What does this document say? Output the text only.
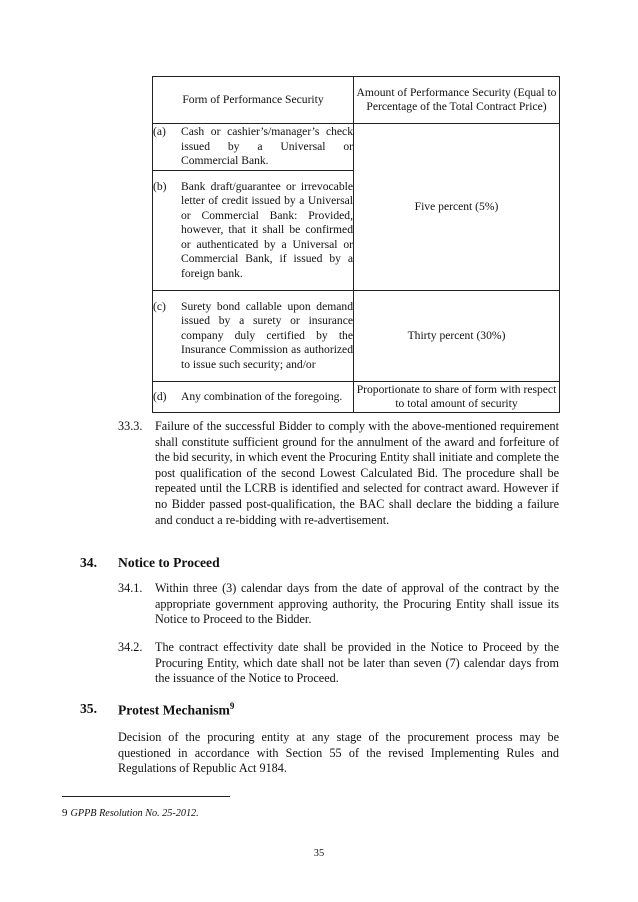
Form of Performance Security	Amount of Performance Security (Equal to Percentage of the Total Contract Price)

(a) Cash or cashier’s/manager’s check issued by a Universal or Commercial Bank.	Five percent (5%)

(b) Bank draft/guarantee or irrevocable letter of credit issued by a Universal or Commercial Bank: Provided, however, that it shall be confirmed or authenticated by a Universal or Commercial Bank, if issued by a foreign bank.	

(c) Surety bond callable upon demand issued by a surety or insurance company duly certified by the Insurance Commission as authorized to issue such security; and/or	Thirty percent (30%)

(d) Any combination of the foregoing.	Proportionate to share of form with respect to total amount of security
33.3. Failure of the successful Bidder to comply with the above-mentioned requirement shall constitute sufficient ground for the annulment of the award and forfeiture of the bid security, in which event the Procuring Entity shall initiate and complete the post qualification of the second Lowest Calculated Bid. The procedure shall be repeated until the LCRB is identified and selected for contract award. However if no Bidder passed post-qualification, the BAC shall declare the bidding a failure and conduct a re-bidding with re-advertisement.
34. Notice to Proceed
34.1. Within three (3) calendar days from the date of approval of the contract by the appropriate government approving authority, the Procuring Entity shall issue its Notice to Proceed to the Bidder.
34.2. The contract effectivity date shall be provided in the Notice to Proceed by the Procuring Entity, which date shall not be later than seven (7) calendar days from the issuance of the Notice to Proceed.
35. Protest Mechanism$^9$
Decision of the procuring entity at any stage of the procurement process may be questioned in accordance with Section 55 of the revised Implementing Rules and Regulations of Republic Act 9184.
9 GPPB Resolution No. 25-2012.
35
